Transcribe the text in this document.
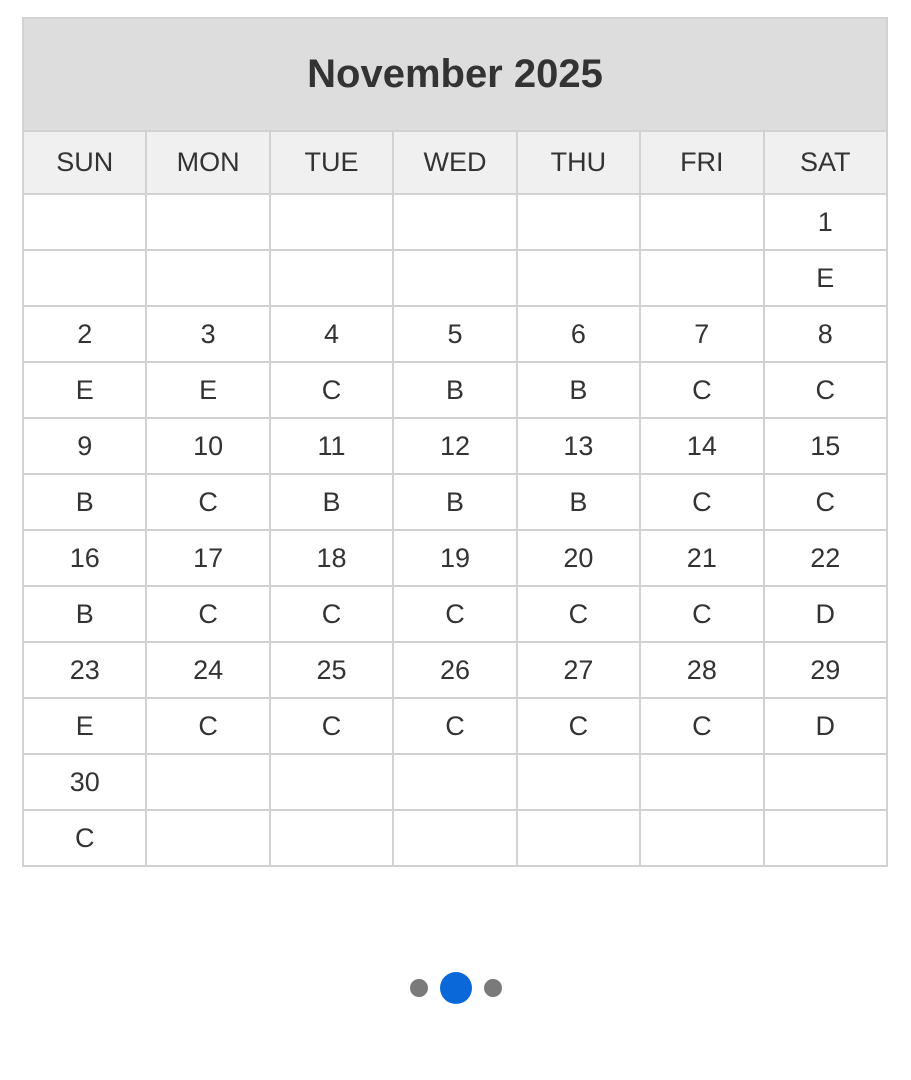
November 2025						
SUN	MON	TUE	WED	THU	FRI	SAT
						1
						E
2	3	4	5	6	7	8
E	E	C	B	B	C	C
9	10	11	12	13	14	15
B	C	B	B	B	C	C
16	17	18	19	20	21	22
B	C	C	C	C	C	D
23	24	25	26	27	28	29
E	C	C	C	C	C	D
30						
C						
